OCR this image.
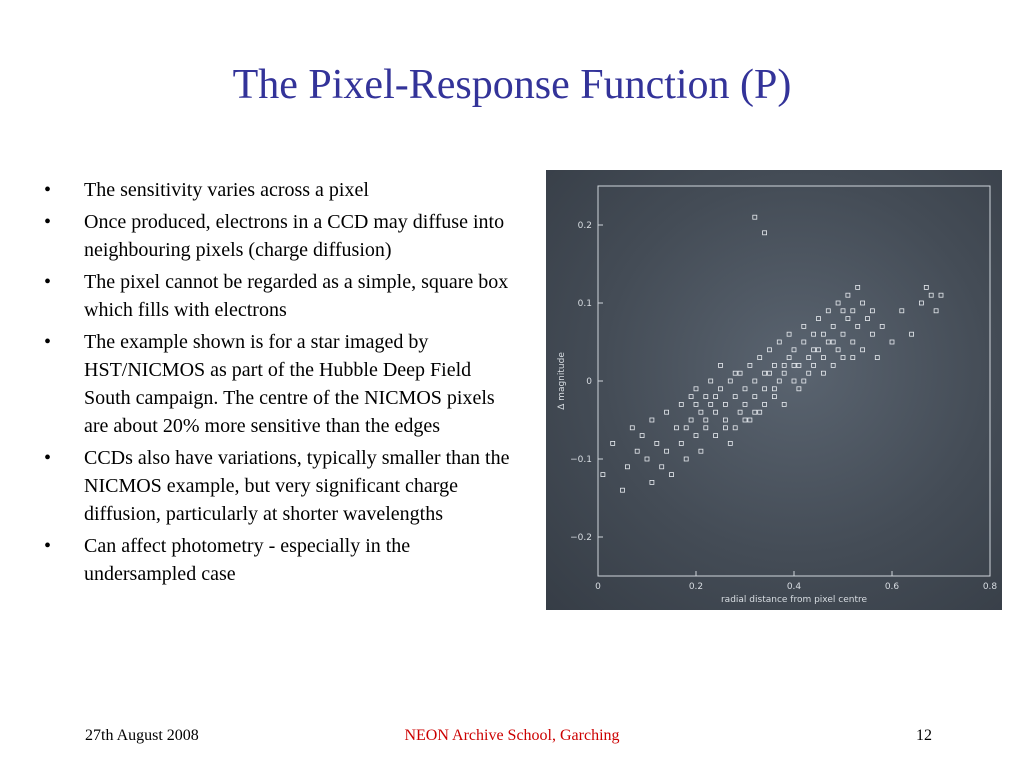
The Pixel-Response Function (P)
• The sensitivity varies across a pixel
• Once produced, electrons in a CCD may diffuse into neighbouring pixels (charge diffusion)
• The pixel cannot be regarded as a simple, square box which fills with electrons
• The example shown is for a star imaged by HST/NICMOS as part of the Hubble Deep Field South campaign. The centre of the NICMOS pixels are about 20% more sensitive than the edges
• CCDs also have variations, typically smaller than the NICMOS example, but very significant charge diffusion, particularly at shorter wavelengths
• Can affect photometry - especially in the undersampled case
0	0.2	0.4	0.6	0.8
0.2
0.1
0
−0.1
−0.2
radial distance from pixel centre
Δ magnitude
27th August 2008	NEON Archive School, Garching	12
